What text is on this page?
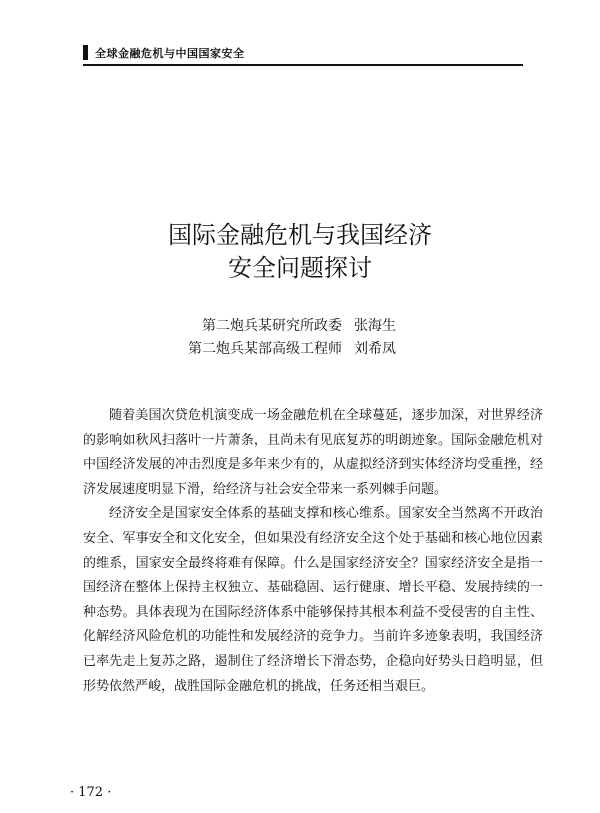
全球金融危机与中国国家安全
国际金融危机与我国经济
安全问题探讨
第二炮兵某研究所政委 张海生
第二炮兵某部高级工程师 刘希凤

随着美国次贷危机演变成一场金融危机在全球蔓延，逐步加深，对世界经济的影响如秋风扫落叶一片萧条，且尚未有见底复苏的明朗迹象。国际金融危机对中国经济发展的冲击烈度是多年来少有的，从虚拟经济到实体经济均受重挫，经济发展速度明显下滑，给经济与社会安全带来一系列棘手问题。

经济安全是国家安全体系的基础支撑和核心维系。国家安全当然离不开政治安全、军事安全和文化安全，但如果没有经济安全这个处于基础和核心地位因素的维系，国家安全最终将难有保障。什么是国家经济安全？国家经济安全是指一国经济在整体上保持主权独立、基础稳固、运行健康、增长平稳、发展持续的一种态势。具体表现为在国际经济体系中能够保持其根本利益不受侵害的自主性、化解经济风险危机的功能性和发展经济的竞争力。当前许多迹象表明，我国经济已率先走上复苏之路，遏制住了经济增长下滑态势，企稳向好势头日趋明显，但形势依然严峻，战胜国际金融危机的挑战，任务还相当艰巨。

· 172 ·
